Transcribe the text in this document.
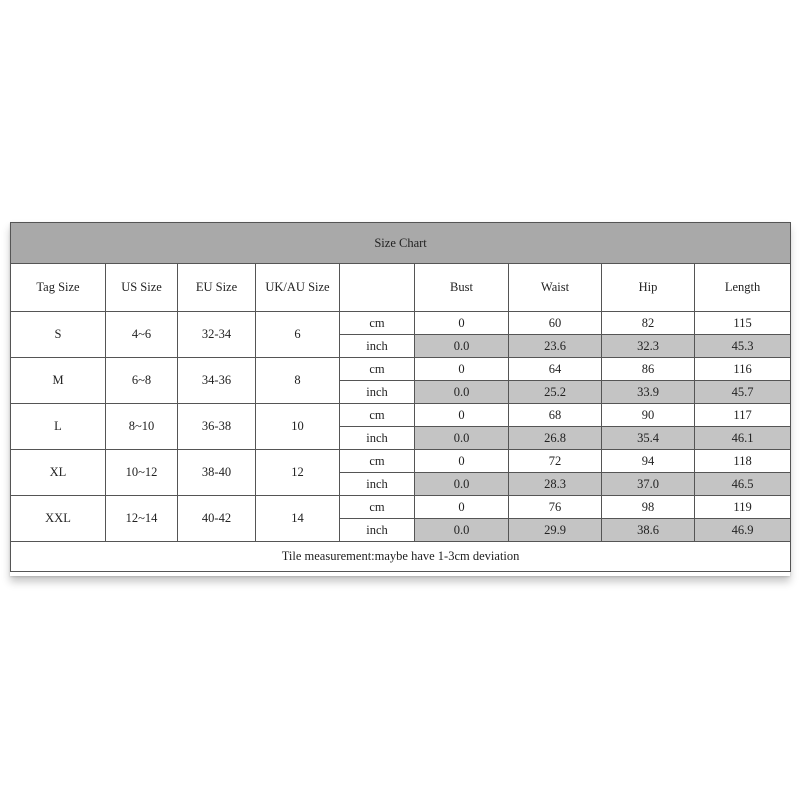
Size Chart								
Tag Size	US Size	EU Size	UK/AU Size		Bust	Waist	Hip	Length
S	4~6	32-34	6	cm	0	60	82	115
				inch	0.0	23.6	32.3	45.3
M	6~8	34-36	8	cm	0	64	86	116
				inch	0.0	25.2	33.9	45.7
L	8~10	36-38	10	cm	0	68	90	117
				inch	0.0	26.8	35.4	46.1
XL	10~12	38-40	12	cm	0	72	94	118
				inch	0.0	28.3	37.0	46.5
XXL	12~14	40-42	14	cm	0	76	98	119
				inch	0.0	29.9	38.6	46.9
Tile measurement:maybe have 1-3cm deviation								
